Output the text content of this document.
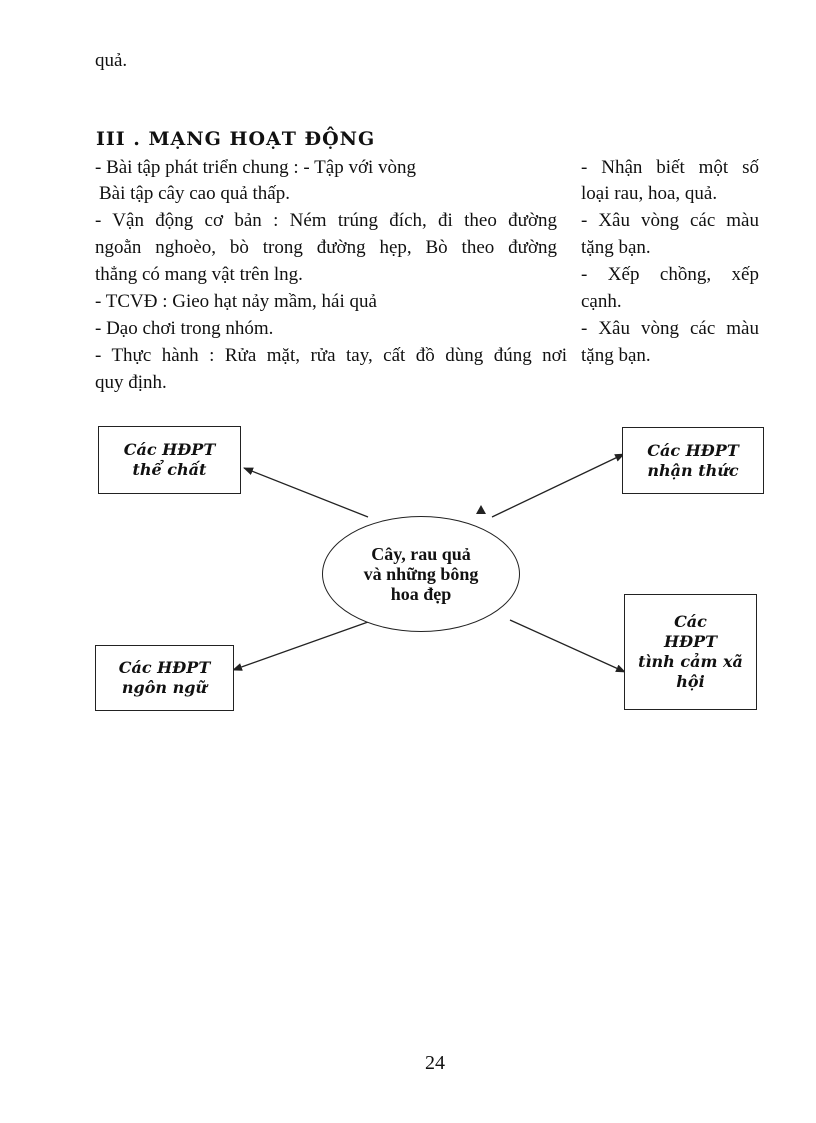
quả.
III . MẠNG HOẠT ĐỘNG
- Bài tập phát triển chung : - Tập với vòng
Bài tập cây cao quả thấp.
- Vận động cơ bản : Ném trúng đích, đi theo đường
ngoằn nghoèo, bò trong đường hẹp, Bò theo đường
thẳng có mang vật trên lng.
- TCVĐ : Gieo hạt nảy mầm, hái quả
- Dạo chơi trong nhóm.
- Thực hành : Rửa mặt, rửa tay, cất đồ dùng đúng nơi
quy định.
- Nhận biết một số
loại rau, hoa, quả.
- Xâu vòng các màu
tặng bạn.
- Xếp chồng, xếp
cạnh.
- Xâu vòng các màu
tặng bạn.
Các HĐPT
thể chất
Các HĐPT
nhận thức
Cây, rau quả
và những bông
hoa đẹp
Các HĐPT
ngôn ngữ
Các
HĐPT
tình cảm xã
hội
24
